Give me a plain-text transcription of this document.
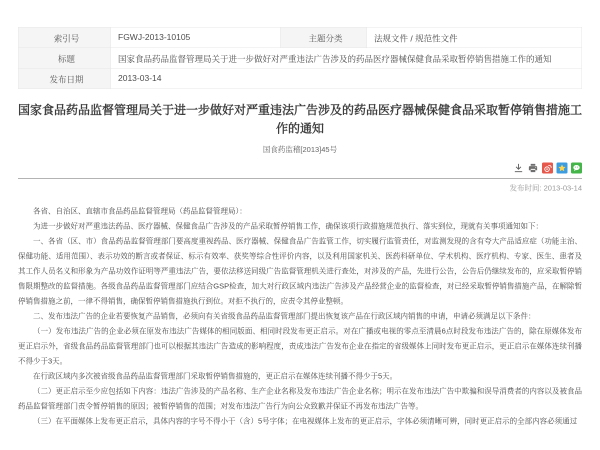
索引号	FGWJ-2013-10105	主题分类	法规文件 / 规范性文件
标题	国家食品药品监督管理局关于进一步做好对严重违法广告涉及的药品医疗器械保健食品采取暂停销售措施工作的通知		
发布日期	2013-03-14		
国家食品药品监督管理局关于进一步做好对严重违法广告涉及的药品医疗器械保健食品采取暂停销售措施工作的通知
国食药监稽[2013]45号
发布时间: 2013-03-14

各省、自治区、直辖市食品药品监督管理局（药品监督管理局）：

为进一步做好对严重违法药品、医疗器械、保健食品广告涉及的产品采取暂停销售工作，确保该项行政措施规范执行、落实到位，现就有关事项通知如下：

一、各省（区、市）食品药品监督管理部门要高度重视药品、医疗器械、保健食品广告监管工作，切实履行监管责任，对监测发现的含有夸大产品适应症（功能主治、保健功能、适用范围）、表示功效的断言或者保证、标示有效率、获奖等综合性评价内容，以及利用国家机关、医药科研单位、学术机构、医疗机构、专家、医生、患者及其工作人员名义和形象为产品功效作证明等严重违法广告，要依法移送同级广告监督管理机关进行查处，对涉及的产品，先进行公告，公告后仍继续发布的，应采取暂停销售限期整改的监督措施。各级食品药品监督管理部门应结合GSP检查，加大对行政区域内违法广告涉及产品经营企业的监督检查，对已经采取暂停销售措施产品，在解除暂停销售措施之前，一律不得销售，确保暂停销售措施执行到位。对拒不执行的，应责令其停业整顿。

二、发布违法广告的企业若要恢复产品销售，必须向有关省级食品药品监督管理部门提出恢复该产品在行政区域内销售的申请，申请必须满足以下条件：

（一）发布违法广告的企业必须在原发布违法广告媒体的相同版面、相同时段发布更正启示。对在广播或电视的零点至清晨6点时段发布违法广告的，除在原媒体发布更正启示外，省级食品药品监督管理部门也可以根据其违法广告造成的影响程度，责成违法广告发布企业在指定的省级媒体上同时发布更正启示，更正启示在媒体连续刊播不得少于3天。

在行政区域内多次被省级食品药品监督管理部门采取暂停销售措施的，更正启示在媒体连续刊播不得少于5天。

（二）更正启示至少应包括如下内容：违法广告涉及的产品名称、生产企业名称及发布违法广告企业名称；明示在发布违法广告中欺骗和误导消费者的内容以及被食品药品监督管理部门责令暂停销售的原因；被暂停销售的范围；对发布违法广告行为向公众致歉并保证不再发布违法广告等。

（三）在平面媒体上发布更正启示，具体内容的字号不得小于（含）5号字体；在电视媒体上发布的更正启示，字体必须清晰可辨，同时更正启示的全部内容必须通过
